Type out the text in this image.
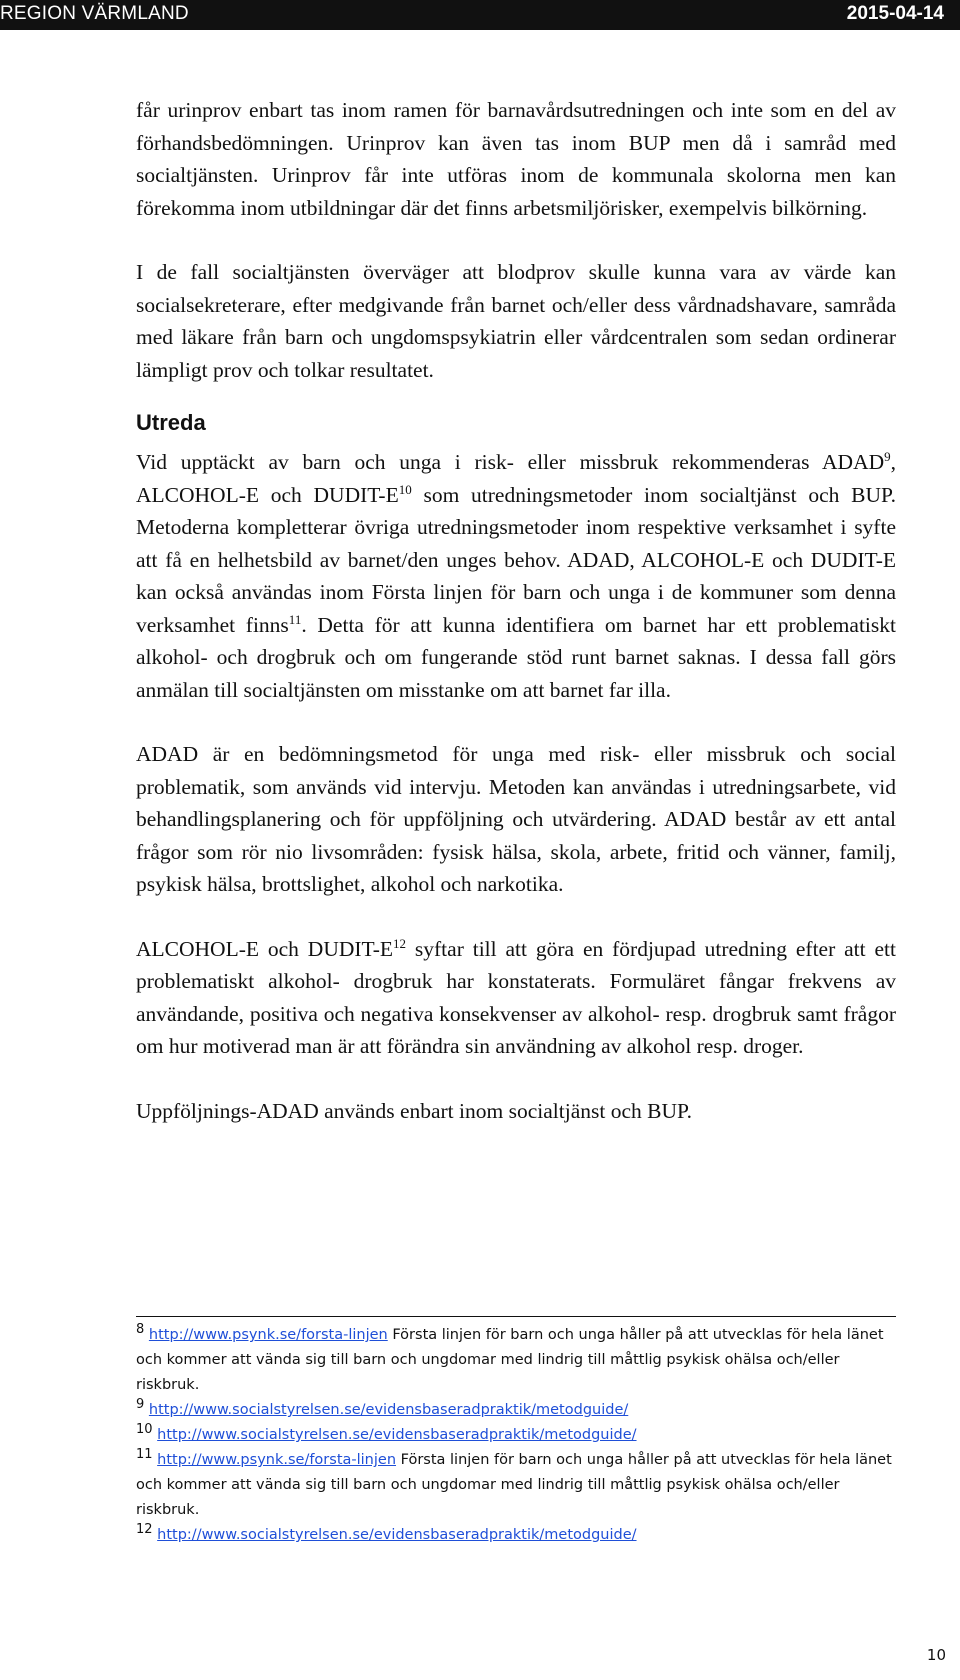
REGION VÄRMLAND	2015-04-14

får urinprov enbart tas inom ramen för barnavårdsutredningen och inte som en del av förhandsbedömningen. Urinprov kan även tas inom BUP men då i samråd med socialtjänsten. Urinprov får inte utföras inom de kommunala skolorna men kan förekomma inom utbildningar där det finns arbetsmiljörisker, exempelvis bilkörning.

I de fall socialtjänsten överväger att blodprov skulle kunna vara av värde kan socialsekreterare, efter medgivande från barnet och/eller dess vårdnadshavare, samråda med läkare från barn och ungdomspsykiatrin eller vårdcentralen som sedan ordinerar lämpligt prov och tolkar resultatet.

Utreda

Vid upptäckt av barn och unga i risk- eller missbruk rekommenderas ADAD$^9$, ALCOHOL-E och DUDIT-$E^{10}$ som utredningsmetoder inom socialtjänst och BUP. Metoderna kompletterar övriga utredningsmetoder inom respektive verksamhet i syfte att få en helhetsbild av barnet/den unges behov. ADAD, ALCOHOL-E och DUDIT-E kan också användas inom Första linjen för barn och unga i de kommuner som denna verksamhet finns$^{11}$. Detta för att kunna identifiera om barnet har ett problematiskt alkohol- och drogbruk och om fungerande stöd runt barnet saknas. I dessa fall görs anmälan till socialtjänsten om misstanke om att barnet far illa.

ADAD är en bedömningsmetod för unga med risk- eller missbruk och social problematik, som används vid intervju. Metoden kan användas i utredningsarbete, vid behandlingsplanering och för uppföljning och utvärdering. ADAD består av ett antal frågor som rör nio livsområden: fysisk hälsa, skola, arbete, fritid och vänner, familj, psykisk hälsa, brottslighet, alkohol och narkotika.

ALCOHOL-E och DUDIT-$E^{12}$ syftar till att göra en fördjupad utredning efter att ett problematiskt alkohol- drogbruk har konstaterats. Formuläret fångar frekvens av användande, positiva och negativa konsekvenser av alkohol- resp. drogbruk samt frågor om hur motiverad man är att förändra sin användning av alkohol resp. droger.

Uppföljnings-ADAD används enbart inom socialtjänst och BUP.

$^8$ http://www.psynk.se/forsta-linjen Första linjen för barn och unga håller på att utvecklas för hela länet och kommer att vända sig till barn och ungdomar med lindrig till måttlig psykisk ohälsa och/eller riskbruk.

$^9$ http://www.socialstyrelsen.se/evidensbaseradpraktik/metodguide/

$^{10}$ http://www.socialstyrelsen.se/evidensbaseradpraktik/metodguide/

$^{11}$ http://www.psynk.se/forsta-linjen Första linjen för barn och unga håller på att utvecklas för hela länet och kommer att vända sig till barn och ungdomar med lindrig till måttlig psykisk ohälsa och/eller riskbruk.

$^{12}$ http://www.socialstyrelsen.se/evidensbaseradpraktik/metodguide/

10
